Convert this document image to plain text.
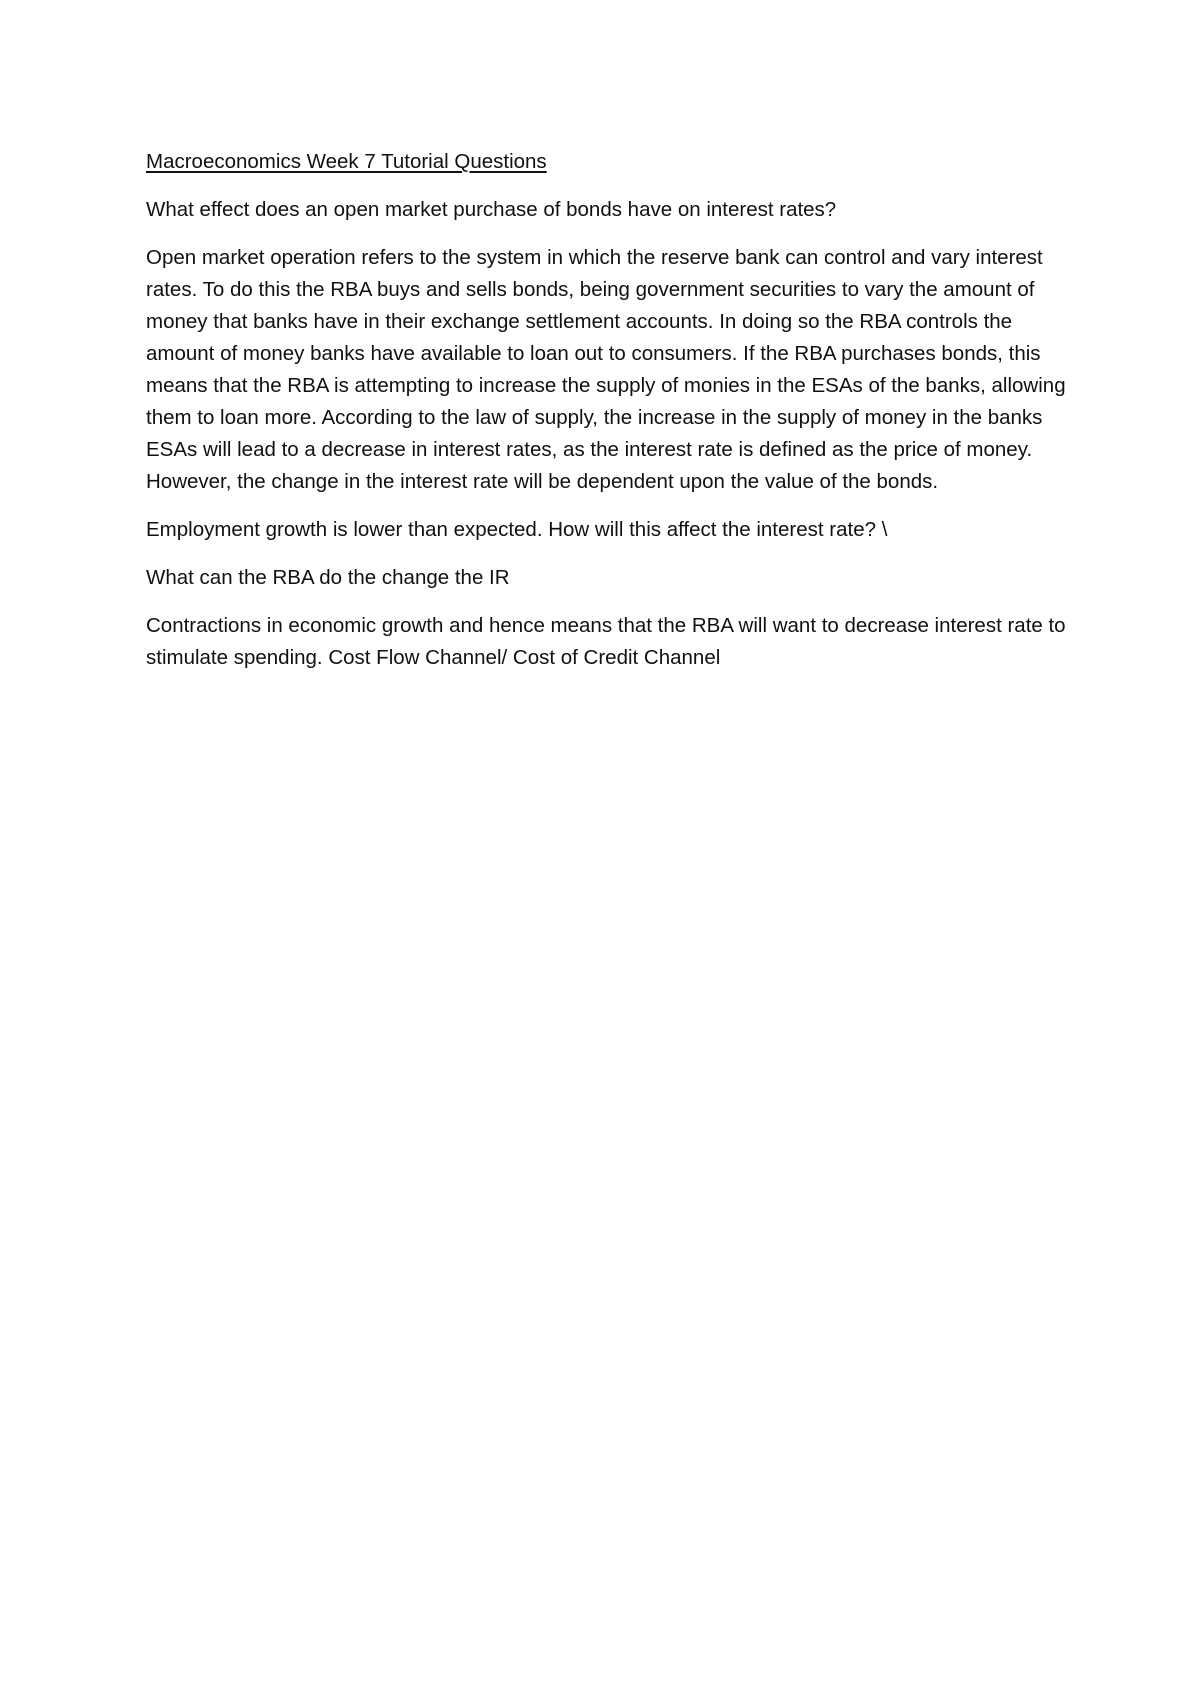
Macroeconomics Week 7 Tutorial Questions

What effect does an open market purchase of bonds have on interest rates?

Open market operation refers to the system in which the reserve bank can control and vary interest rates. To do this the RBA buys and sells bonds, being government securities to vary the amount of money that banks have in their exchange settlement accounts. In doing so the RBA controls the amount of money banks have available to loan out to consumers. If the RBA purchases bonds, this means that the RBA is attempting to increase the supply of monies in the ESAs of the banks, allowing them to loan more. According to the law of supply, the increase in the supply of money in the banks ESAs will lead to a decrease in interest rates, as the interest rate is defined as the price of money. However, the change in the interest rate will be dependent upon the value of the bonds.

Employment growth is lower than expected. How will this affect the interest rate? \

What can the RBA do the change the IR

Contractions in economic growth and hence means that the RBA will want to decrease interest rate to stimulate spending. Cost Flow Channel/ Cost of Credit Channel
